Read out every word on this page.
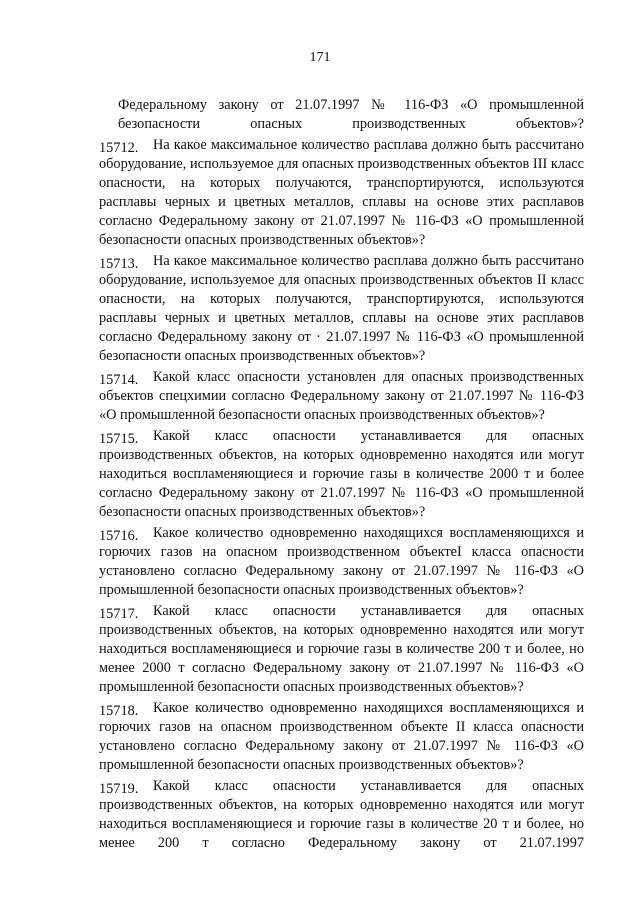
171
Федеральному закону от 21.07.1997 № 116-ФЗ «О промышленной безопасности опасных производственных объектов»?
15712.	На какое максимальное количество расплава должно быть рассчитано оборудование, используемое для опасных производственных объектов III класс опасности, на которых получаются, транспортируются, используются расплавы черных и цветных металлов, сплавы на основе этих расплавов согласно Федеральному закону от 21.07.1997 № 116-ФЗ «О промышленной безопасности опасных производственных объектов»?
15713.	На какое максимальное количество расплава должно быть рассчитано оборудование, используемое для опасных производственных объектов II класс опасности, на которых получаются, транспортируются, используются расплавы черных и цветных металлов, сплавы на основе этих расплавов согласно Федеральному закону от · 21.07.1997 № 116-ФЗ «О промышленной безопасности опасных производственных объектов»?
15714.	Какой класс опасности установлен для опасных производственных объектов спецхимии согласно Федеральному закону от 21.07.1997 № 116-ФЗ «О промышленной безопасности опасных производственных объектов»?
15715.	Какой класс опасности устанавливается для опасных производственных объектов, на которых одновременно находятся или могут находиться воспламеняющиеся и горючие газы в количестве 2000 т и более согласно Федеральному закону от 21.07.1997 № 116-ФЗ «О промышленной безопасности опасных производственных объектов»?
15716.	Какое количество одновременно находящихся воспламеняющихся и горючих газов на опасном производственном объектеI класса опасности установлено согласно Федеральному закону от 21.07.1997 № 116-ФЗ «О промышленной безопасности опасных производственных объектов»?
15717.	Какой класс опасности устанавливается для опасных производственных объектов, на которых одновременно находятся или могут находиться воспламеняющиеся и горючие газы в количестве 200 т и более, но менее 2000 т согласно Федеральному закону от 21.07.1997 № 116-ФЗ «О промышленной безопасности опасных производственных объектов»?
15718.	Какое количество одновременно находящихся воспламеняющихся и горючих газов на опасном производственном объекте II класса опасности установлено согласно Федеральному закону от 21.07.1997 № 116-ФЗ «О промышленной безопасности опасных производственных объектов»?
15719.	Какой класс опасности устанавливается для опасных производственных объектов, на которых одновременно находятся или могут находиться воспламеняющиеся и горючие газы в количестве 20 т и более, но менее 200 т согласно Федеральному закону от 21.07.1997
